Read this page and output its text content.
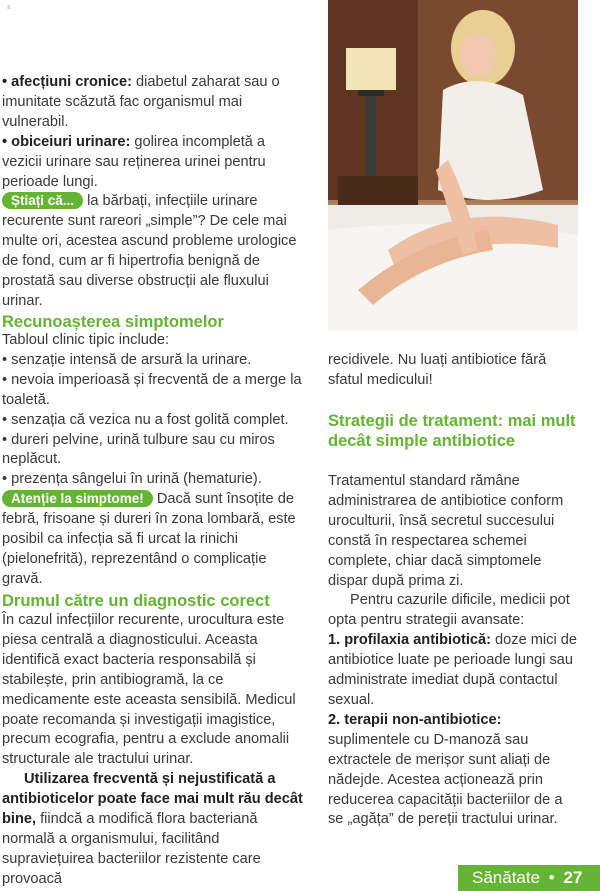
≡

• afecțiuni cronice: diabetul zaharat sau o imunitate scăzută fac organismul mai vulnerabil.

• obiceiuri urinare: golirea incompletă a vezicii urinare sau reținerea urinei pentru perioade lungi.

Știați că... la bărbați, infecțiile urinare recurente sunt rareori „simple”? De cele mai multe ori, acestea ascund probleme urologice de fond, cum ar fi hipertrofia benignă de prostată sau diverse obstrucții ale fluxului urinar.

Recunoașterea simptomelor

Tabloul clinic tipic include:

• senzație intensă de arsură la urinare.

• nevoia imperioasă și frecventă de a merge la toaletă.

• senzația că vezica nu a fost golită complet.

• dureri pelvine, urină tulbure sau cu miros neplăcut.

• prezența sângelui în urină (hematurie).

Atenție la simptome! Dacă sunt însoțite de febră, frisoane și dureri în zona lombară, este posibil ca infecția să fi urcat la rinichi (pielonefrită), reprezentând o complicație gravă.

Drumul către un diagnostic corect

În cazul infecțiilor recurente, urocultura este piesa centrală a diagnosticului. Aceasta identifică exact bacteria responsabilă și stabilește, prin antibiogramă, la ce medicamente este aceasta sensibilă. Medicul poate recomanda și investigații imagistice, precum ecografia, pentru a exclude anomalii structurale ale tractului urinar.

Utilizarea frecventă și nejustificată a antibioticelor poate face mai mult rău decât bine, fiindcă a modifică flora bacteriană normală a organismului, facilitând supraviețuirea bacteriilor rezistente care provoacă

recidivele. Nu luați antibiotice fără sfatul medicului!

Strategii de tratament: mai mult decât simple antibiotice

Tratamentul standard rămâne administrarea de antibiotice conform uroculturii, însă secretul succesului constă în respectarea schemei complete, chiar dacă simptomele dispar după prima zi.

Pentru cazurile dificile, medicii pot opta pentru strategii avansate:

1. profilaxia antibiotică: doze mici de antibiotice luate pe perioade lungi sau administrate imediat după contactul sexual.

2. terapii non-antibiotice: suplimentele cu D-manoză sau extractele de merișor sunt aliați de nădejde. Acestea acționează prin reducerea capacității bacteriilor de a se „agăța” de pereții tractului urinar.

Sănătate • 27
